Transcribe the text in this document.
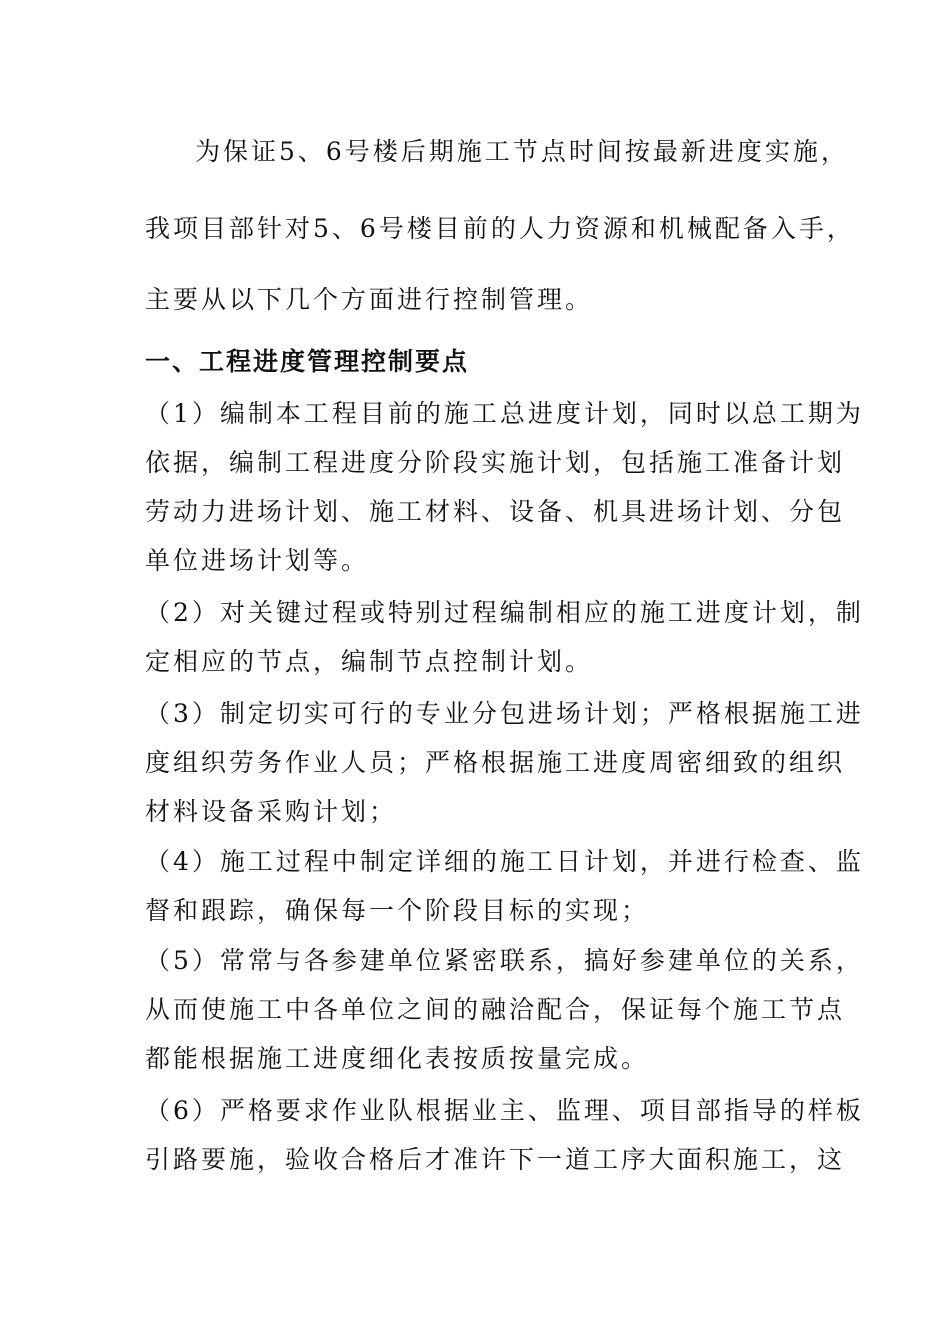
为保证5、6号楼后期施工节点时间按最新进度实施，
我项目部针对5、6号楼目前的人力资源和机械配备入手，
主要从以下几个方面进行控制管理。
一、工程进度管理控制要点
（1）编制本工程目前的施工总进度计划，同时以总工期为
依据，编制工程进度分阶段实施计划，包括施工准备计划
劳动力进场计划、施工材料、设备、机具进场计划、分包
单位进场计划等。
（2）对关键过程或特别过程编制相应的施工进度计划，制
定相应的节点，编制节点控制计划。
（3）制定切实可行的专业分包进场计划；严格根据施工进
度组织劳务作业人员；严格根据施工进度周密细致的组织
材料设备采购计划；
（4）施工过程中制定详细的施工日计划，并进行检查、监
督和跟踪，确保每一个阶段目标的实现；
（5）常常与各参建单位紧密联系，搞好参建单位的关系，
从而使施工中各单位之间的融洽配合，保证每个施工节点
都能根据施工进度细化表按质按量完成。
（6）严格要求作业队根据业主、监理、项目部指导的样板
引路要施，验收合格后才准许下一道工序大面积施工，这
